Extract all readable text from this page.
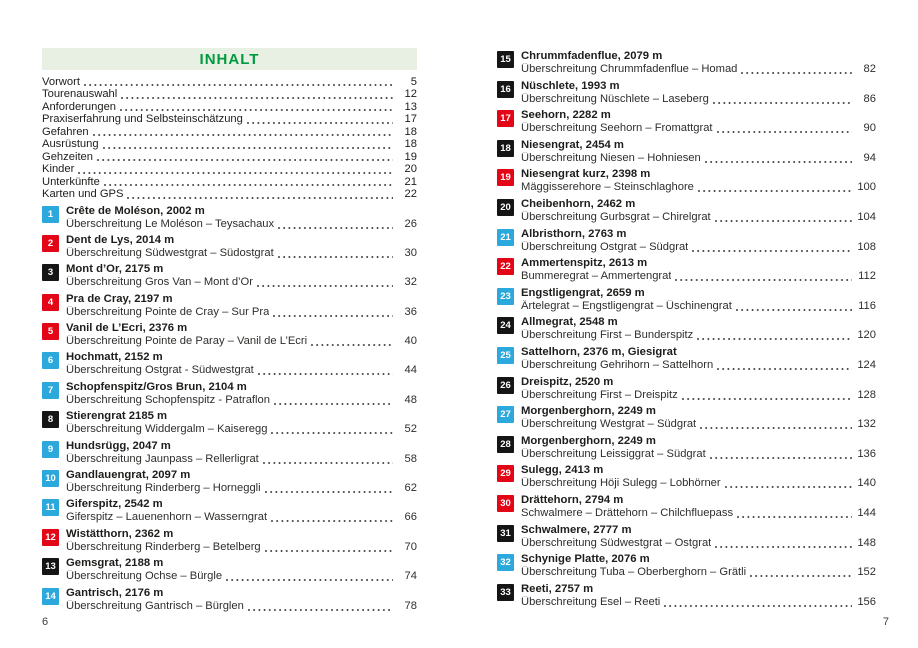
INHALT
Vorwort	5
Tourenauswahl	12
Anforderungen	13
Praxiserfahrung und Selbsteinschätzung	17
Gefahren	18
Ausrüstung	18
Gehzeiten	19
Kinder	20
Unterkünfte	21
Karten und GPS	22
1	Crête de Moléson, 2002 m
Überschreitung Le Moléson – Teysachaux	26
2	Dent de Lys, 2014 m
Überschreitung Südwestgrat – Südostgrat	30
3	Mont d’Or, 2175 m
Überschreitung Gros Van – Mont d’Or	32
4	Pra de Cray, 2197 m
Überschreitung Pointe de Cray – Sur Pra	36
5	Vanil de L’Ecri, 2376 m
Überschreitung Pointe de Paray – Vanil de L’Ecri	40
6	Hochmatt, 2152 m
Überschreitung Ostgrat - Südwestgrat	44
7	Schopfenspitz/Gros Brun, 2104 m
Überschreitung Schopfenspitz - Patraflon	48
8	Stierengrat 2185 m
Überschreitung Widdergalm – Kaiseregg	52
9	Hundsrügg, 2047 m
Überschreitung Jaunpass – Rellerligrat	58
10 Gandlauengrat, 2097 m
Überschreitung Rinderberg – Horneggli	62
11 Giferspitz, 2542 m
Giferspitz – Lauenenhorn – Wasserngrat	66
12 Wistätthorn, 2362 m
Überschreitung Rinderberg – Betelberg	70
13 Gemsgrat, 2188 m
Überschreitung Ochse – Bürgle	74
14 Gantrisch, 2176 m
Überschreitung Gantrisch – Bürglen	78
15 Chrummfadenflue, 2079 m
Überschreitung Chrummfadenflue – Homad	82
16 Nüschlete, 1993 m
Überschreitung Nüschlete – Laseberg	86
17 Seehorn, 2282 m
Überschreitung Seehorn – Fromattgrat	90
18 Niesengrat, 2454 m
Überschreitung Niesen – Hohniesen	94
19 Niesengrat kurz, 2398 m
Mäggisserehore – Steinschlaghore	100
20 Cheibenhorn, 2462 m
Überschreitung Gurbsgrat – Chirelgrat	104
21 Albristhorn, 2763 m
Überschreitung Ostgrat – Südgrat	108
22 Ammertenspitz, 2613 m
Bummeregrat – Ammertengrat	112
23 Engstligengrat, 2659 m
Ärtelegrat – Engstligengrat – Üschinengrat	116
24 Allmegrat, 2548 m
Überschreitung First – Bunderspitz	120
25 Sattelhorn, 2376 m, Giesigrat
Überschreitung Gehrihorn – Sattelhorn	124
26 Dreispitz, 2520 m
Überschreitung First – Dreispitz	128
27 Morgenberghorn, 2249 m
Überschreitung Westgrat – Südgrat	132
28 Morgenberghorn, 2249 m
Überschreitung Leissiggrat – Südgrat	136
29 Sulegg, 2413 m
Überschreitung Höji Sulegg – Lobhörner	140
30 Drättehorn, 2794 m
Schwalmere – Drättehorn – Chilchfluepass	144
31 Schwalmere, 2777 m
Überschreitung Südwestgrat – Ostgrat	148
32 Schynige Platte, 2076 m
Überschreitung Tuba – Oberberghorn – Grätli	152
33 Reeti, 2757 m
Überschreitung Esel – Reeti	156
6	7
